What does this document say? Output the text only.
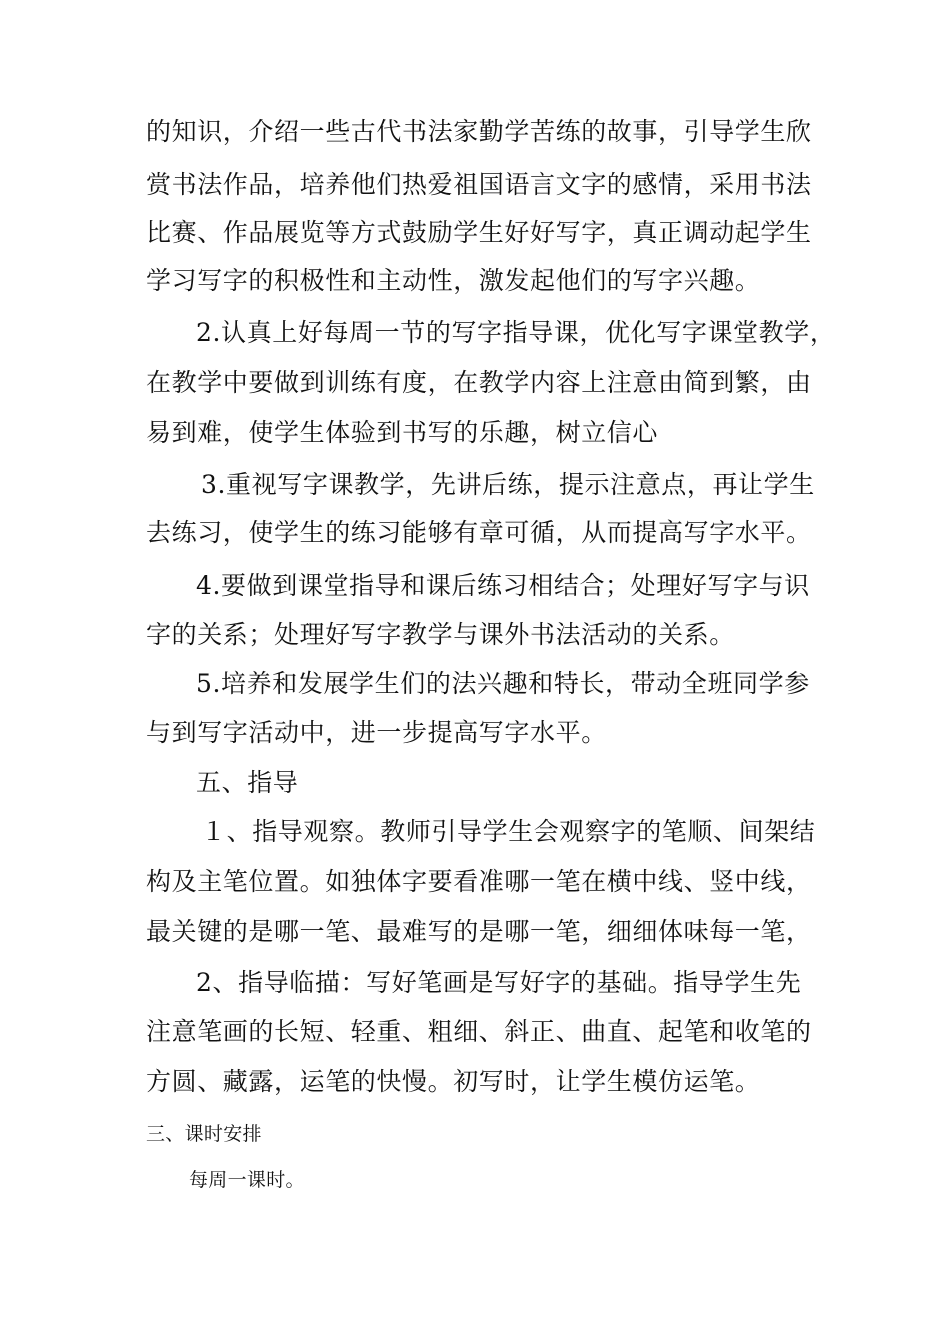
的知识，介绍一些古代书法家勤学苦练的故事，引导学生欣
赏书法作品，培养他们热爱祖国语言文字的感情，采用书法
比赛、作品展览等方式鼓励学生好好写字，真正调动起学生
学习写字的积极性和主动性，激发起他们的写字兴趣。
2.认真上好每周一节的写字指导课，优化写字课堂教学，
在教学中要做到训练有度，在教学内容上注意由简到繁，由
易到难，使学生体验到书写的乐趣，树立信心
3.重视写字课教学，先讲后练，提示注意点，再让学生
去练习，使学生的练习能够有章可循，从而提高写字水平。
4.要做到课堂指导和课后练习相结合；处理好写字与识
字的关系；处理好写字教学与课外书法活动的关系。
5.培养和发展学生们的法兴趣和特长，带动全班同学参
与到写字活动中，进一步提高写字水平。
五、指导
１、指导观察。教师引导学生会观察字的笔顺、间架结
构及主笔位置。如独体字要看准哪一笔在横中线、竖中线，
最关键的是哪一笔、最难写的是哪一笔，细细体味每一笔，
2、指导临描：写好笔画是写好字的基础。指导学生先
注意笔画的长短、轻重、粗细、斜正、曲直、起笔和收笔的
方圆、藏露，运笔的快慢。初写时，让学生模仿运笔。
三、课时安排
每周一课时。
